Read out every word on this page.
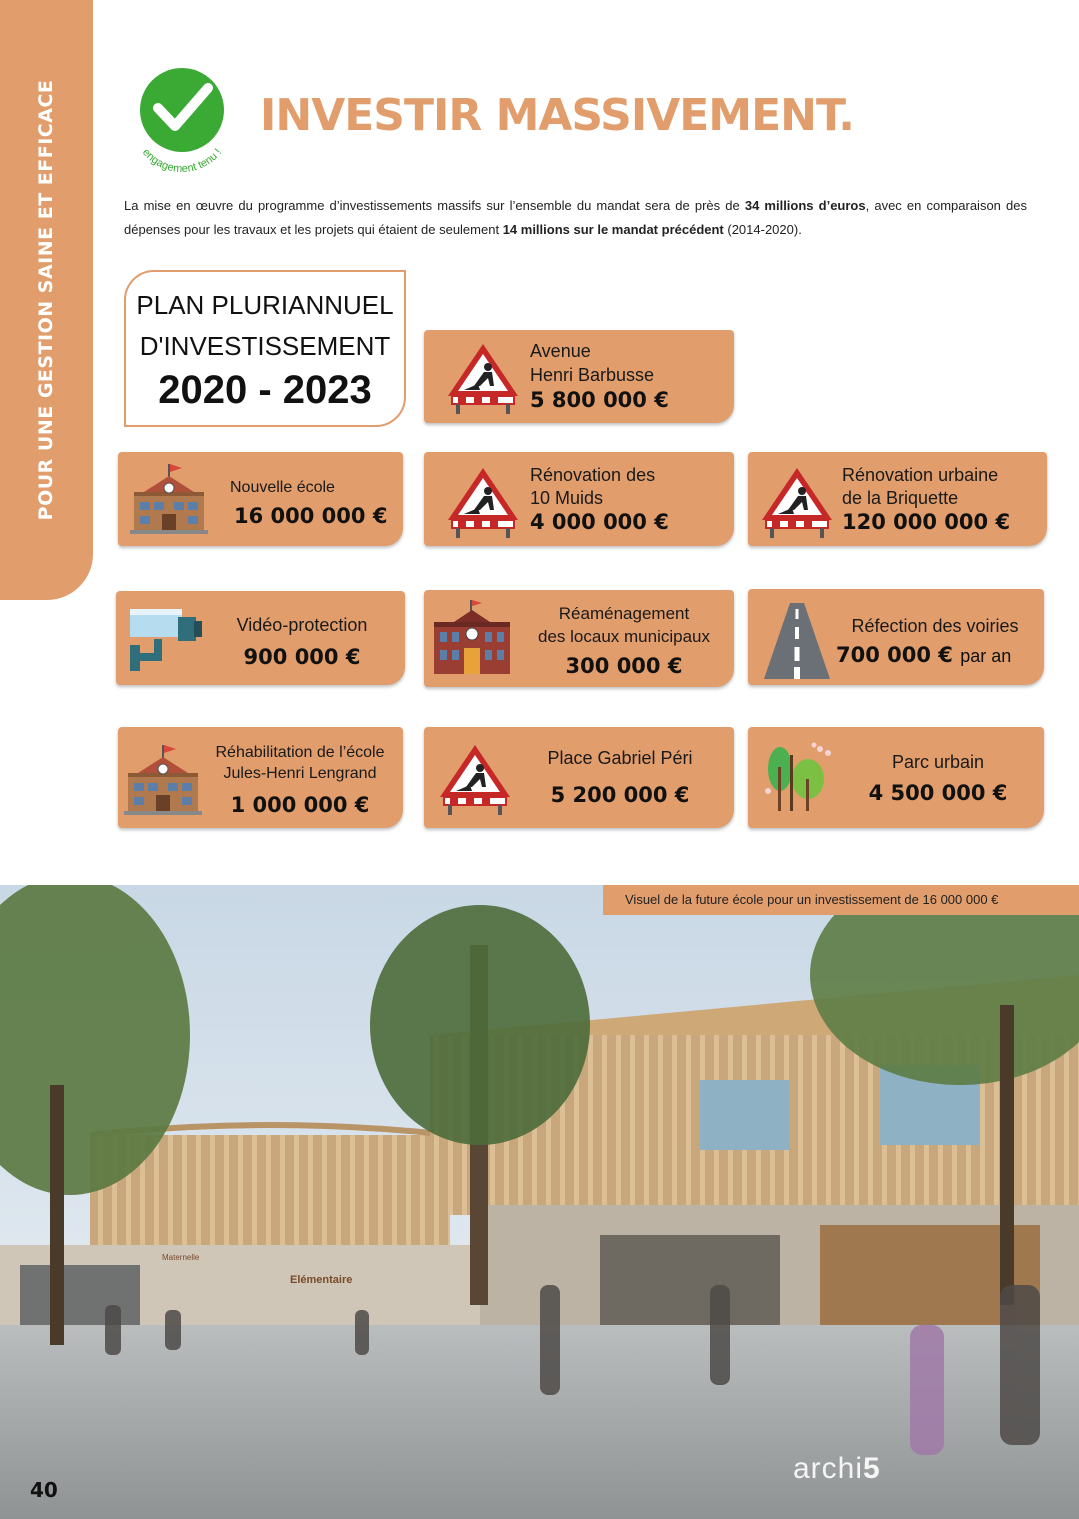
POUR UNE GESTION SAINE ET EFFICACE	engagement tenu !
INVESTIR MASSIVEMENT.

La mise en œuvre du programme d’investissements massifs sur l’ensemble du mandat sera de près de 34 millions d’euros, avec en comparaison des dépenses pour les travaux et les projets qui étaient de seulement 14 millions sur le mandat précédent (2014-2020).

PLAN PLURIANNUEL
D'INVESTISSEMENT
2020 - 2023
Avenue
Henri Barbusse
5 800 000 €
Nouvelle école
16 000 000 €
Rénovation des
10 Muids
4 000 000 €
Rénovation urbaine
de la Briquette
120 000 000 €
Vidéo-protection
900 000 €
Réaménagement
des locaux municipaux
300 000 €
Réfection des voiries
700 000 € par an
Réhabilitation de l’école
Jules-Henri Lengrand
1 000 000 €
Place Gabriel Péri
5 200 000 €
Parc urbain
4 500 000 €
Maternelle
Elémentaire
Visuel de la future école pour un investissement de 16 000 000 €
archi5
40
